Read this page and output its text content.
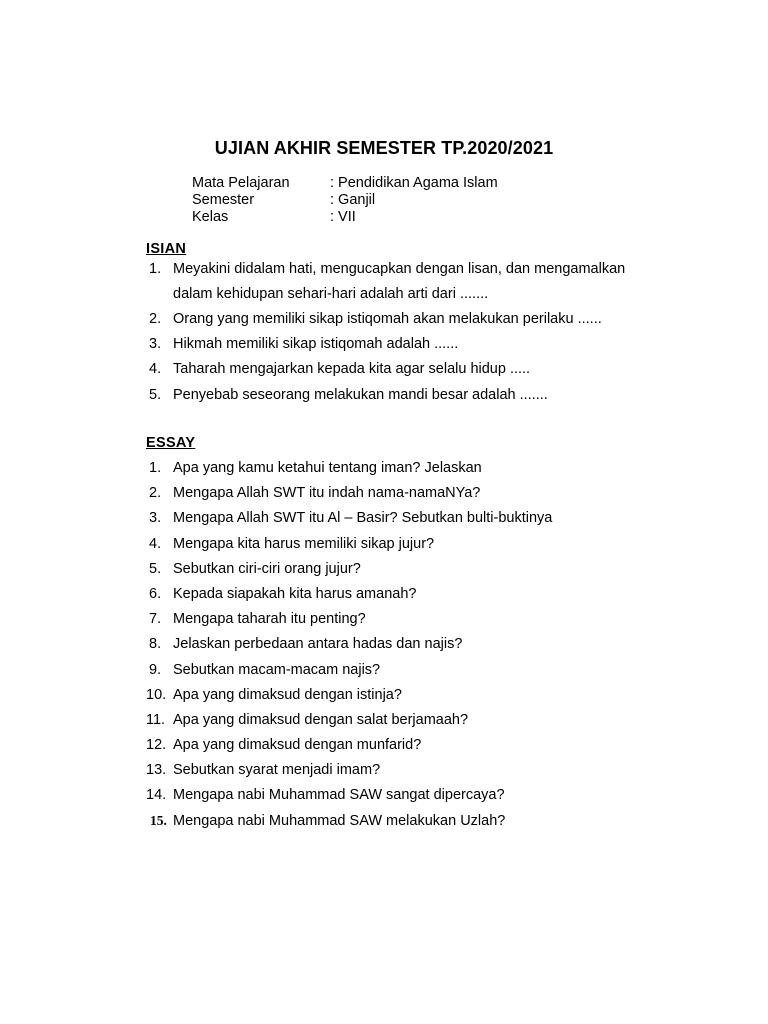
UJIAN AKHIR SEMESTER TP.2020/2021
Mata Pelajaran	: Pendidikan Agama Islam
Semester	: Ganjil
Kelas	: VII
ISIAN
1. Meyakini didalam hati, mengucapkan dengan lisan, dan mengamalkan
dalam kehidupan sehari-hari adalah arti dari .......
2. Orang yang memiliki sikap istiqomah akan melakukan perilaku ......
3. Hikmah memiliki sikap istiqomah adalah ......
4. Taharah mengajarkan kepada kita agar selalu hidup .....
5. Penyebab seseorang melakukan mandi besar adalah .......
ESSAY
1. Apa yang kamu ketahui tentang iman? Jelaskan
2. Mengapa Allah SWT itu indah nama-namaNYa?
3. Mengapa Allah SWT itu Al – Basir? Sebutkan bulti-buktinya
4. Mengapa kita harus memiliki sikap jujur?
5. Sebutkan ciri-ciri orang jujur?
6. Kepada siapakah kita harus amanah?
7. Mengapa taharah itu penting?
8. Jelaskan perbedaan antara hadas dan najis?
9. Sebutkan macam-macam najis?
10. Apa yang dimaksud dengan istinja?
11. Apa yang dimaksud dengan salat berjamaah?
12. Apa yang dimaksud dengan munfarid?
13. Sebutkan syarat menjadi imam?
14. Mengapa nabi Muhammad SAW sangat dipercaya?
15. Mengapa nabi Muhammad SAW melakukan Uzlah?
